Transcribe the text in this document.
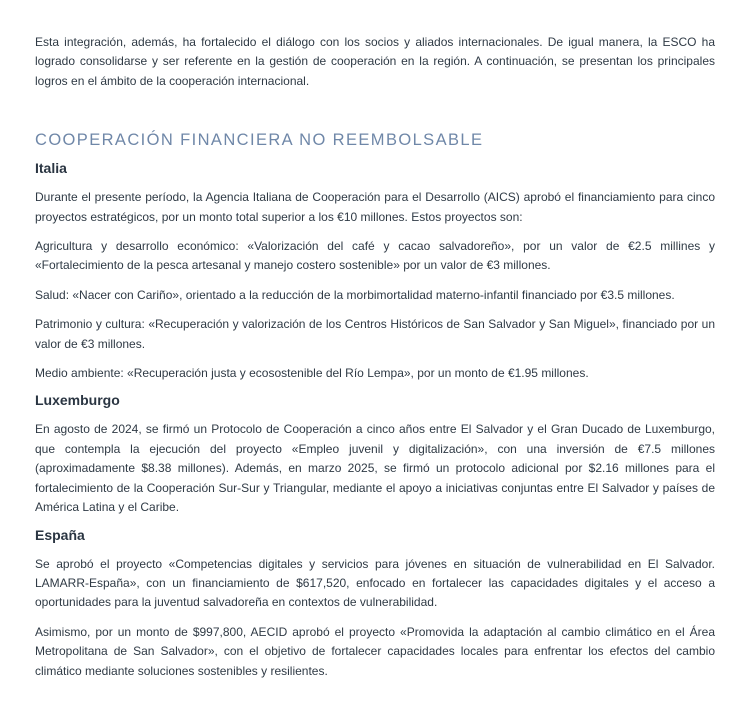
Esta integración, además, ha fortalecido el diálogo con los socios y aliados internacionales. De igual manera, la ESCO ha logrado consolidarse y ser referente en la gestión de cooperación en la región. A continuación, se presentan los principales logros en el ámbito de la cooperación internacional.

COOPERACIÓN FINANCIERA NO REEMBOLSABLE
Italia

Durante el presente período, la Agencia Italiana de Cooperación para el Desarrollo (AICS) aprobó el financiamiento para cinco proyectos estratégicos, por un monto total superior a los €10 millones. Estos proyectos son:

Agricultura y desarrollo económico: «Valorización del café y cacao salvadoreño», por un valor de €2.5 millines y «Fortalecimiento de la pesca artesanal y manejo costero sostenible» por un valor de €3 millones.

Salud: «Nacer con Cariño», orientado a la reducción de la morbimortalidad materno-infantil financiado por €3.5 millones.

Patrimonio y cultura: «Recuperación y valorización de los Centros Históricos de San Salvador y San Miguel», financiado por un valor de €3 millones.

Medio ambiente: «Recuperación justa y ecosostenible del Río Lempa», por un monto de €1.95 millones.

Luxemburgo

En agosto de 2024, se firmó un Protocolo de Cooperación a cinco años entre El Salvador y el Gran Ducado de Luxemburgo, que contempla la ejecución del proyecto «Empleo juvenil y digitalización», con una inversión de €7.5 millones (aproximadamente $8.38 millones). Además, en marzo 2025, se firmó un protocolo adicional por $2.16 millones para el fortalecimiento de la Cooperación Sur-Sur y Triangular, mediante el apoyo a iniciativas conjuntas entre El Salvador y países de América Latina y el Caribe.

España

Se aprobó el proyecto «Competencias digitales y servicios para jóvenes en situación de vulnerabilidad en El Salvador. LAMARR-España», con un financiamiento de $617,520, enfocado en fortalecer las capacidades digitales y el acceso a oportunidades para la juventud salvadoreña en contextos de vulnerabilidad.

Asimismo, por un monto de $997,800, AECID aprobó el proyecto «Promovida la adaptación al cambio climático en el Área Metropolitana de San Salvador», con el objetivo de fortalecer capacidades locales para enfrentar los efectos del cambio climático mediante soluciones sostenibles y resilientes.
